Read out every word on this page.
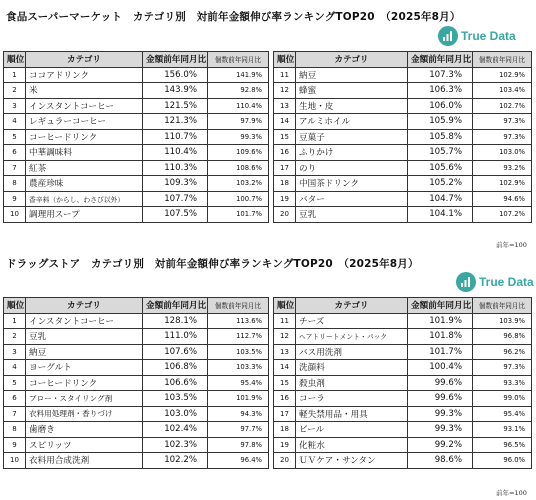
食品スーパーマーケット　カテゴリ別　対前年金額伸び率ランキングTOP20　（2025年8月）
True Data
順位	カテゴリ	金額前年同月比	個数前年同月比
1	ココアドリンク	156.0%	141.9%
2	米	143.9%	92.8%
3	インスタントコーヒー	121.5%	110.4%
4	レギュラーコーヒー	121.3%	97.9%
5	コーヒードリンク	110.7%	99.3%
6	中華調味料	110.4%	109.6%
7	紅茶	110.3%	108.6%
8	農産珍味	109.3%	103.2%
9	香辛料（からし、わさび以外）	107.7%	100.7%
10	調理用スープ	107.5%	101.7%
順位	カテゴリ	金額前年同月比	個数前年同月比
11	納豆	107.3%	102.9%
12	蜂蜜	106.3%	103.4%
13	生地・皮	106.0%	102.7%
14	アルミホイル	105.9%	97.3%
15	豆菓子	105.8%	97.3%
16	ふりかけ	105.7%	103.0%
17	のり	105.6%	93.2%
18	中国茶ドリンク	105.2%	102.9%
19	バター	104.7%	94.6%
20	豆乳	104.1%	107.2%
前年=100
ドラッグストア　カテゴリ別　対前年金額伸び率ランキングTOP20　（2025年8月）
True Data
順位	カテゴリ	金額前年同月比	個数前年同月比
1	インスタントコーヒー	128.1%	113.6%
2	豆乳	111.0%	112.7%
3	納豆	107.6%	103.5%
4	ヨーグルト	106.8%	103.3%
5	コーヒードリンク	106.6%	95.4%
6	ブロー・スタイリング剤	103.5%	101.9%
7	衣料用処理剤・香りづけ	103.0%	94.3%
8	歯磨き	102.4%	97.7%
9	スピリッツ	102.3%	97.8%
10	衣料用合成洗剤	102.2%	96.4%
順位	カテゴリ	金額前年同月比	個数前年同月比
11	チーズ	101.9%	103.9%
12	ヘアトリートメント・パック	101.8%	96.8%
13	バス用洗剤	101.7%	96.2%
14	洗顔料	100.4%	97.3%
15	殺虫剤	99.6%	93.3%
16	コーラ	99.6%	99.0%
17	軽失禁用品・用具	99.3%	95.4%
18	ビール	99.3%	93.1%
19	化粧水	99.2%	96.5%
20	ＵＶケア・サンタン	98.6%	96.0%
前年=100
